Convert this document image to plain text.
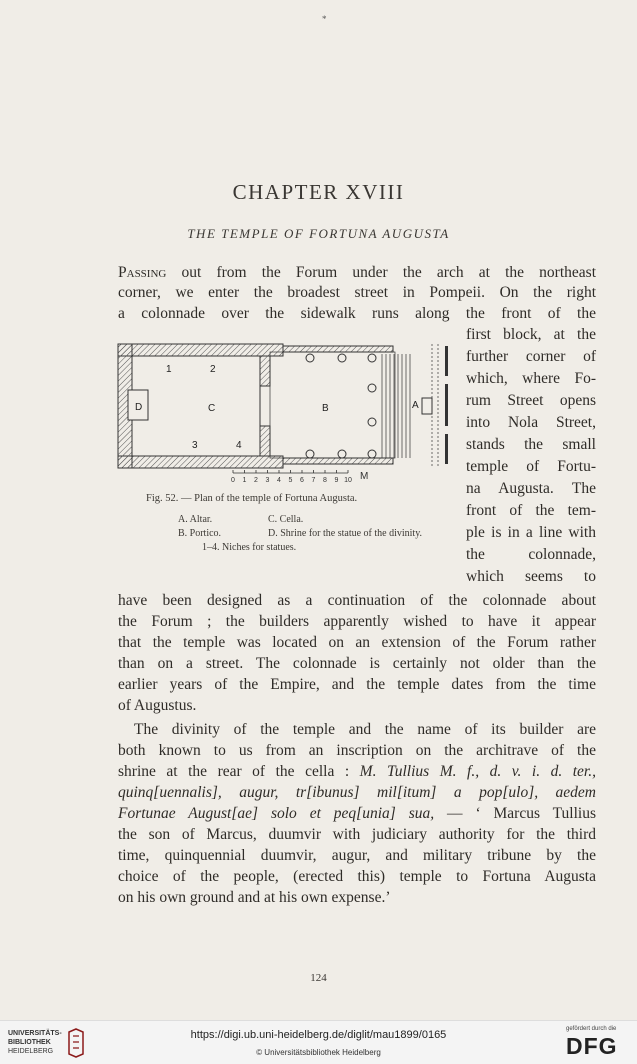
*
CHAPTER XVIII
THE TEMPLE OF FORTUNA AUGUSTA
Passing out from the Forum under the arch at the northeast
corner, we enter the broadest street in Pompeii. On the right
a colonnade over the sidewalk runs along the front of the
first block, at the
further corner of
which, where Fo-
rum Street opens
into Nola Street,
stands the small
temple of Fortu-
na Augusta. The
front of the tem-
ple is in a line with
the colonnade,
which seems to
have been designed as a continuation of the colonnade about
the Forum ; the builders apparently wished to have it appear
that the temple was located on an extension of the Forum rather
than on a street. The colonnade is certainly not older than the
earlier years of the Empire, and the temple dates from the time
of Augustus.
The divinity of the temple and the name of its builder are
both known to us from an inscription on the architrave of the
shrine at the rear of the cella : M. Tullius M. f., d. v. i. d. ter.,
quinq[uennalis], augur, tr[ibunus] mil[itum] a pop[ulo], aedem
Fortunae August[ae] solo et peq[unia] sua, — ‘ Marcus Tullius
the son of Marcus, duumvir with judiciary authority for the third
time, quinquennial duumvir, augur, and military tribune by the
choice of the people, (erected this) temple to Fortuna Augusta
on his own ground and at his own expense.’
1	2
C	B
D
3	4
A
0 1 2 3 4 5 6 7 8 9 10 M
Fig. 52. — Plan of the temple of Fortuna Augusta.
A. Altar.	C. Cella.
B. Portico.	D. Shrine for the statue of the divinity.
1–4. Niches for statues.
124
UNIVERSITÄTS-
BIBLIOTHEK
HEIDELBERG
https://digi.ub.uni-heidelberg.de/diglit/mau1899/0165
© Universitätsbibliothek Heidelberg
gefördert durch die
DFG
